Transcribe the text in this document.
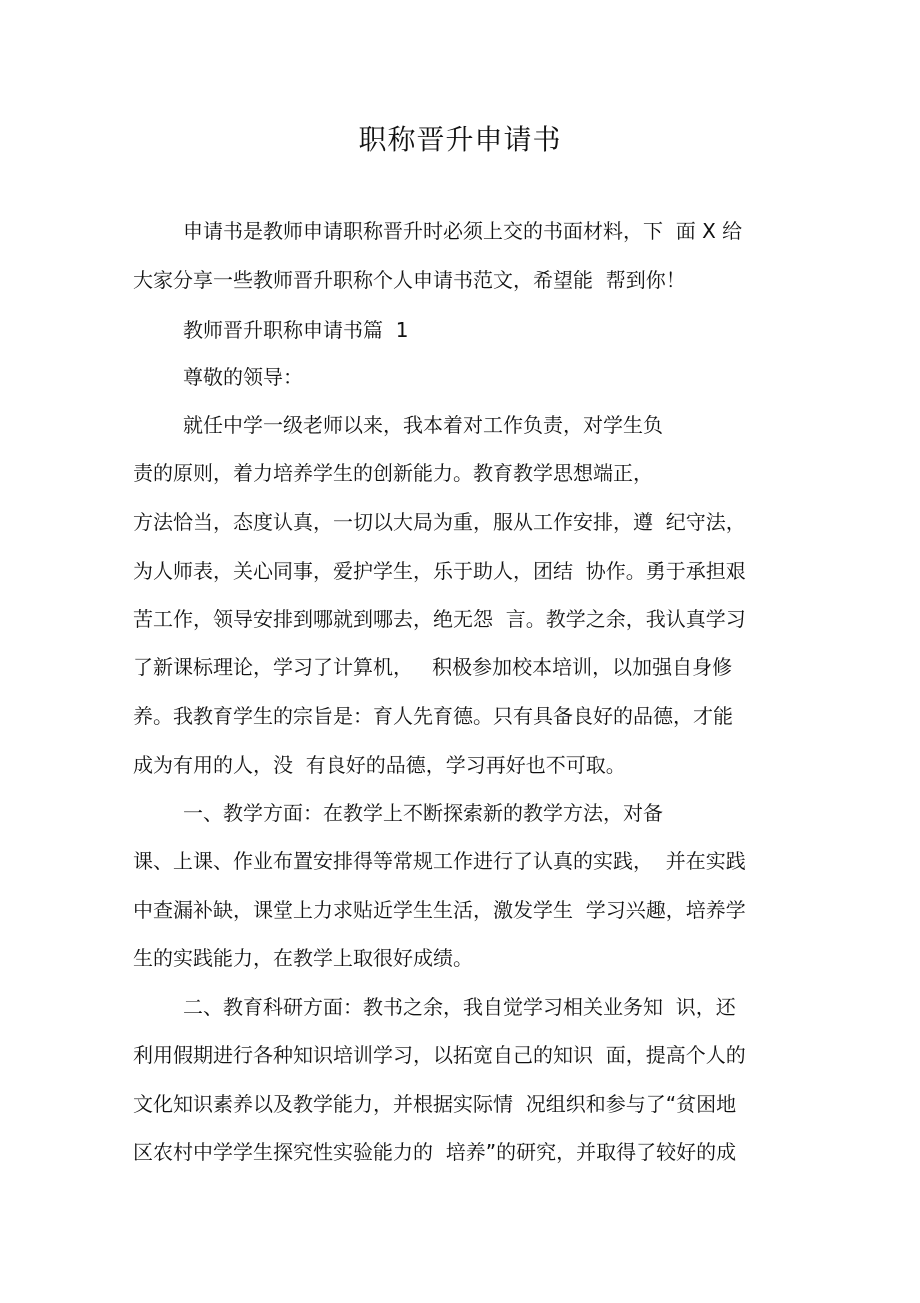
职称晋升申请书
申请书是教师申请职称晋升时必须上交的书面材料，下  面 X 给
大家分享一些教师晋升职称个人申请书范文，希望能  帮到你！
教师晋升职称申请书篇  1
尊敬的领导：
就任中学一级老师以来，我本着对工作负责，对学生负
责的原则，着力培养学生的创新能力。教育教学思想端正，
方法恰当，态度认真，一切以大局为重，服从工作安排，遵  纪守法，
为人师表，关心同事，爱护学生，乐于助人，团结  协作。勇于承担艰
苦工作，领导安排到哪就到哪去，绝无怨  言。教学之余，我认真学习
了新课标理论，学习了计算机，   积极参加校本培训，以加强自身修
养。我教育学生的宗旨是：育人先育德。只有具备良好的品德，才能
成为有用的人，没  有良好的品德，学习再好也不可取。
一、教学方面：在教学上不断探索新的教学方法，对备
课、上课、作业布置安排得等常规工作进行了认真的实践，  并在实践
中查漏补缺，课堂上力求贴近学生生活，激发学生  学习兴趣，培养学
生的实践能力，在教学上取很好成绩。
二、教育科研方面：教书之余，我自觉学习相关业务知  识，还
利用假期进行各种知识培训学习，以拓宽自己的知识  面，提高个人的
文化知识素养以及教学能力，并根据实际情  况组织和参与了“贫困地
区农村中学学生探究性实验能力的  培养”的研究，并取得了较好的成
